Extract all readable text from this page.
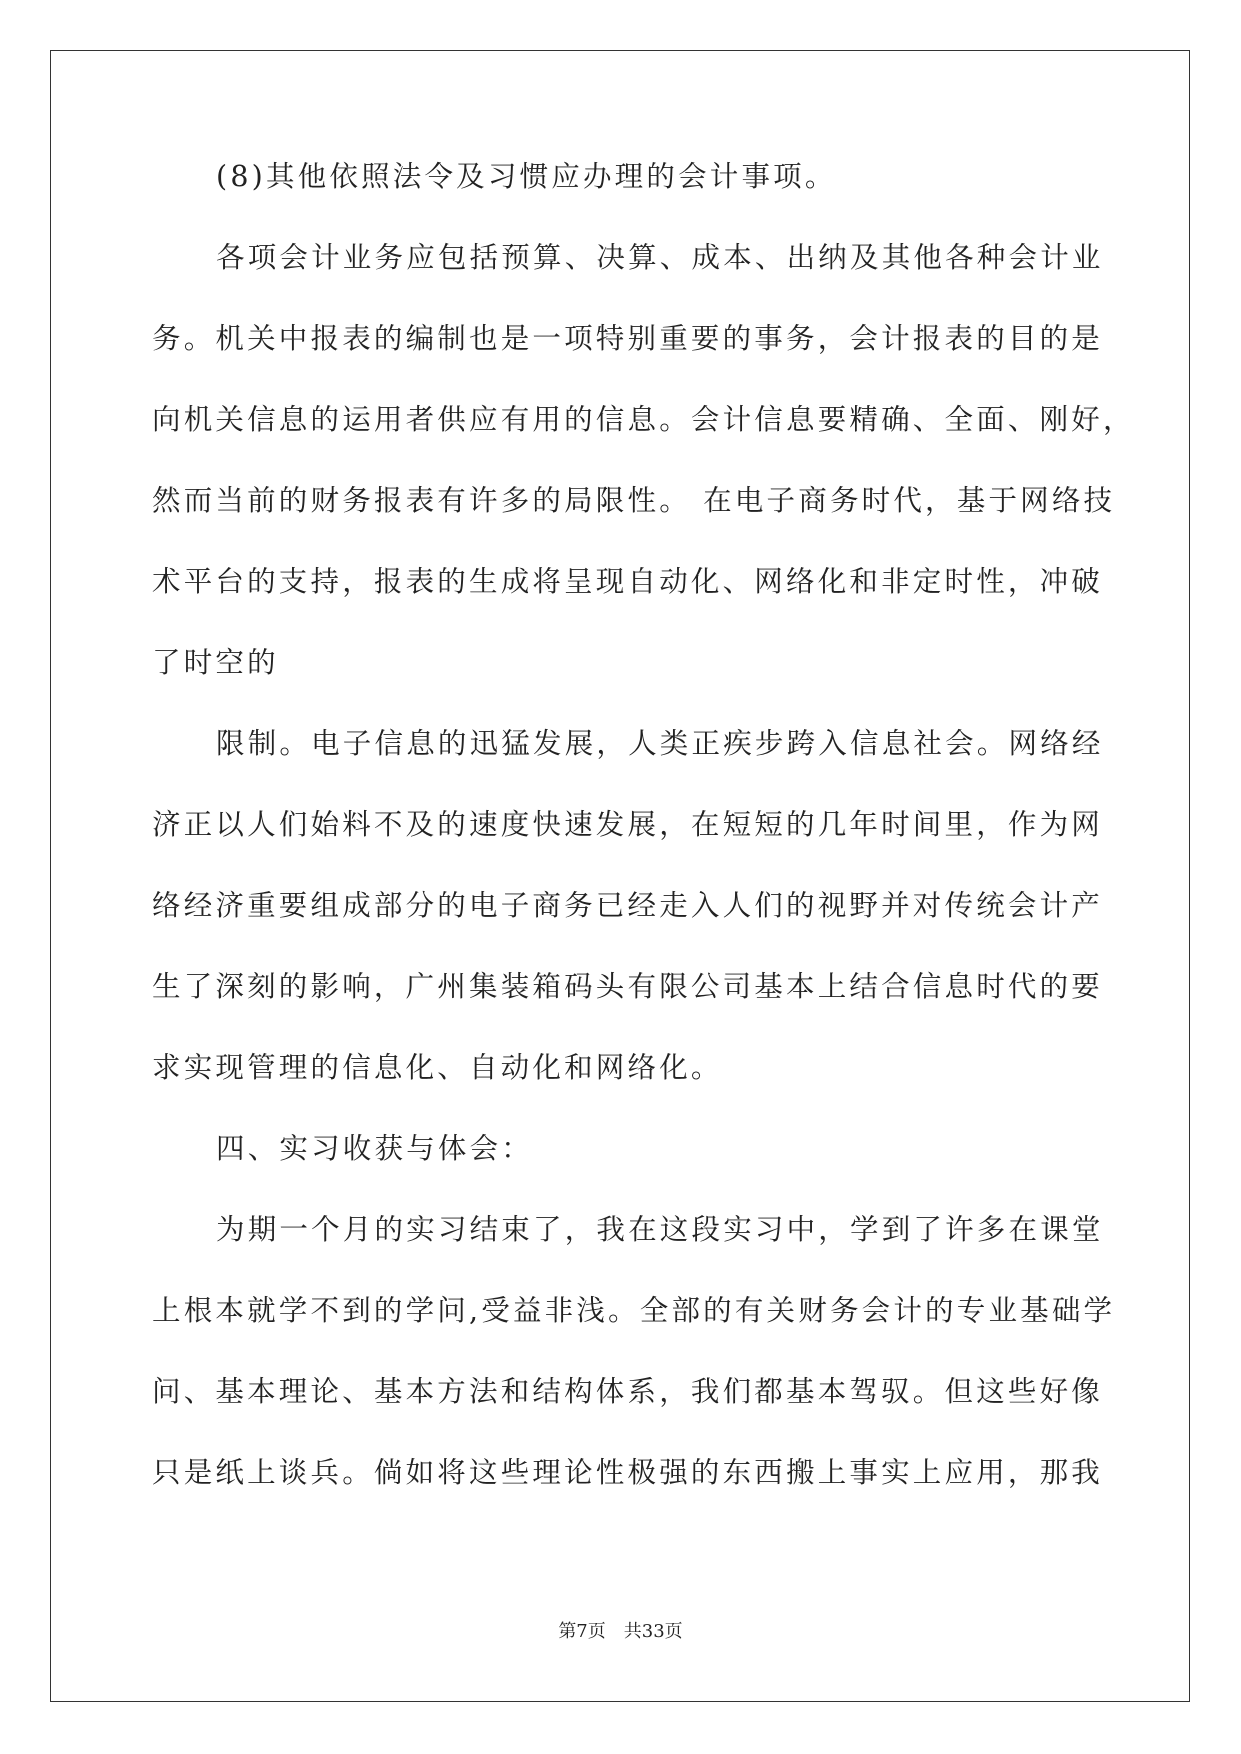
(8)其他依照法令及习惯应办理的会计事项。
各项会计业务应包括预算、决算、成本、出纳及其他各种会计业
务。机关中报表的编制也是一项特别重要的事务，会计报表的目的是
向机关信息的运用者供应有用的信息。会计信息要精确、全面、刚好，
然而当前的财务报表有许多的局限性。 在电子商务时代，基于网络技
术平台的支持，报表的生成将呈现自动化、网络化和非定时性，冲破
了时空的
限制。电子信息的迅猛发展，人类正疾步跨入信息社会。网络经
济正以人们始料不及的速度快速发展，在短短的几年时间里，作为网
络经济重要组成部分的电子商务已经走入人们的视野并对传统会计产
生了深刻的影响，广州集装箱码头有限公司基本上结合信息时代的要
求实现管理的信息化、自动化和网络化。
四、实习收获与体会：
为期一个月的实习结束了，我在这段实习中，学到了许多在课堂
上根本就学不到的学问,受益非浅。全部的有关财务会计的专业基础学
问、基本理论、基本方法和结构体系，我们都基本驾驭。但这些好像
只是纸上谈兵。倘如将这些理论性极强的东西搬上事实上应用，那我
第7页 共33页
